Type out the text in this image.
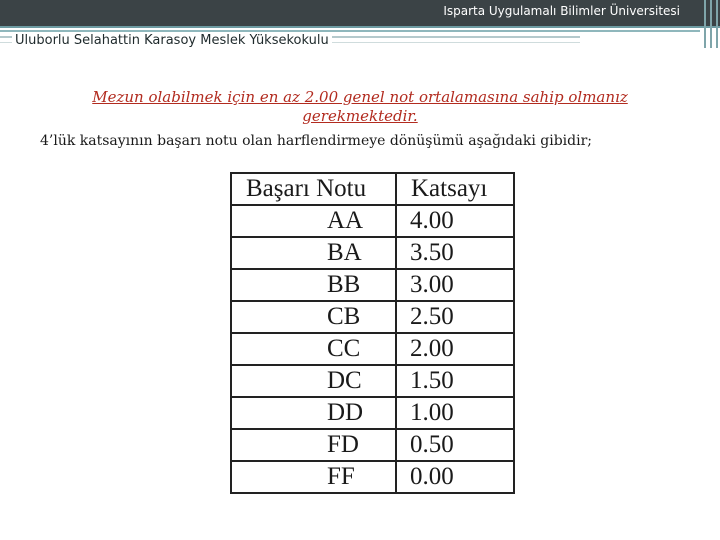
Isparta Uygulamalı Bilimler Üniversitesi
Uluborlu Selahattin Karasoy Meslek Yüksekokulu
Mezun olabilmek için en az 2.00 genel not ortalamasına sahip olmanız gerekmektedir.
4’lük katsayının başarı notu olan harflendirmeye dönüşümü aşağıdaki gibidir;
Başarı Notu	Katsayı
AA	4.00
BA	3.50
BB	3.00
CB	2.50
CC	2.00
DC	1.50
DD	1.00
FD	0.50
FF	0.00
